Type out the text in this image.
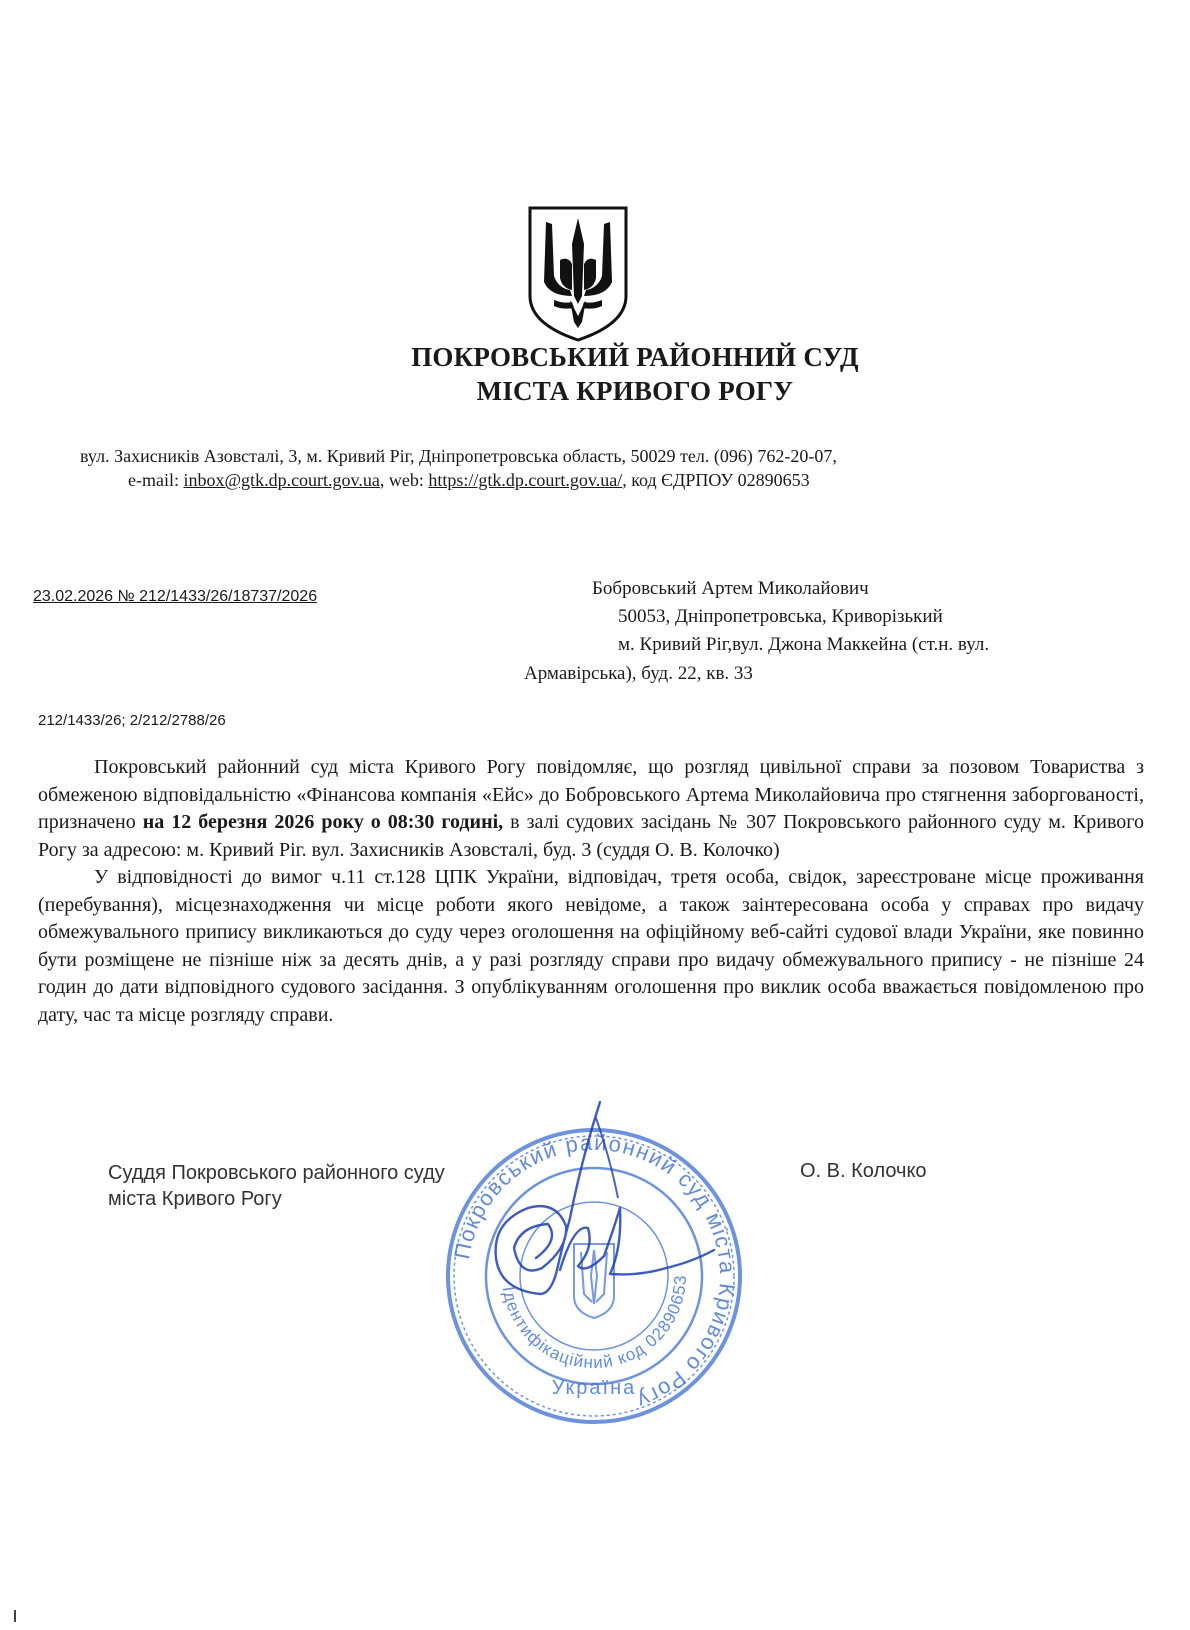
ПОКРОВСЬКИЙ РАЙОННИЙ СУД
МІСТА КРИВОГО РОГУ
вул. Захисників Азовсталі, 3, м. Кривий Ріг, Дніпропетровська область, 50029 тел. (096) 762-20-07,
e-mail: inbox@gtk.dp.court.gov.ua, web: https://gtk.dp.court.gov.ua/, код ЄДРПОУ 02890653
23.02.2026 № 212/1433/26/18737/2026	Бобровський Артем Миколайович
50053, Дніпропетровська, Криворізький
м. Кривий Ріг,вул. Джона Маккейна (ст.н. вул.
Армавірська), буд. 22, кв. 33
212/1433/26; 2/212/2788/26

Покровський районний суд міста Кривого Рогу повідомляє, що розгляд цивільної справи за позовом Товариства з обмеженою відповідальністю «Фінансова компанія «Ейс» до Бобровського Артема Миколайовича про стягнення заборгованості, призначено на 12 березня 2026 року о 08:30 годині, в залі судових засідань № 307 Покровського районного суду м. Кривого Рогу за адресою: м. Кривий Ріг. вул. Захисників Азовсталі, буд. 3 (суддя О. В. Колочко)

У відповідності до вимог ч.11 ст.128 ЦПК України, відповідач, третя особа, свідок, зареєстроване місце проживання (перебування), місцезнаходження чи місце роботи якого невідоме, а також заінтересована особа у справах про видачу обмежувального припису викликаються до суду через оголошення на офіційному веб-сайті судової влади України, яке повинно бути розміщене не пізніше ніж за десять днів, а у разі розгляду справи про видачу обмежувального припису - не пізніше 24 годин до дати відповідного судового засідання. З опублікуванням оголошення про виклик особа вважається повідомленою про дату, час та місце розгляду справи.

Суддя Покровського районного суду
міста Кривого Рогу
О. В. Колочко
Покровський районний суд міста Кривого Рогу
Ідентифікаційний код 02890653
Україна
